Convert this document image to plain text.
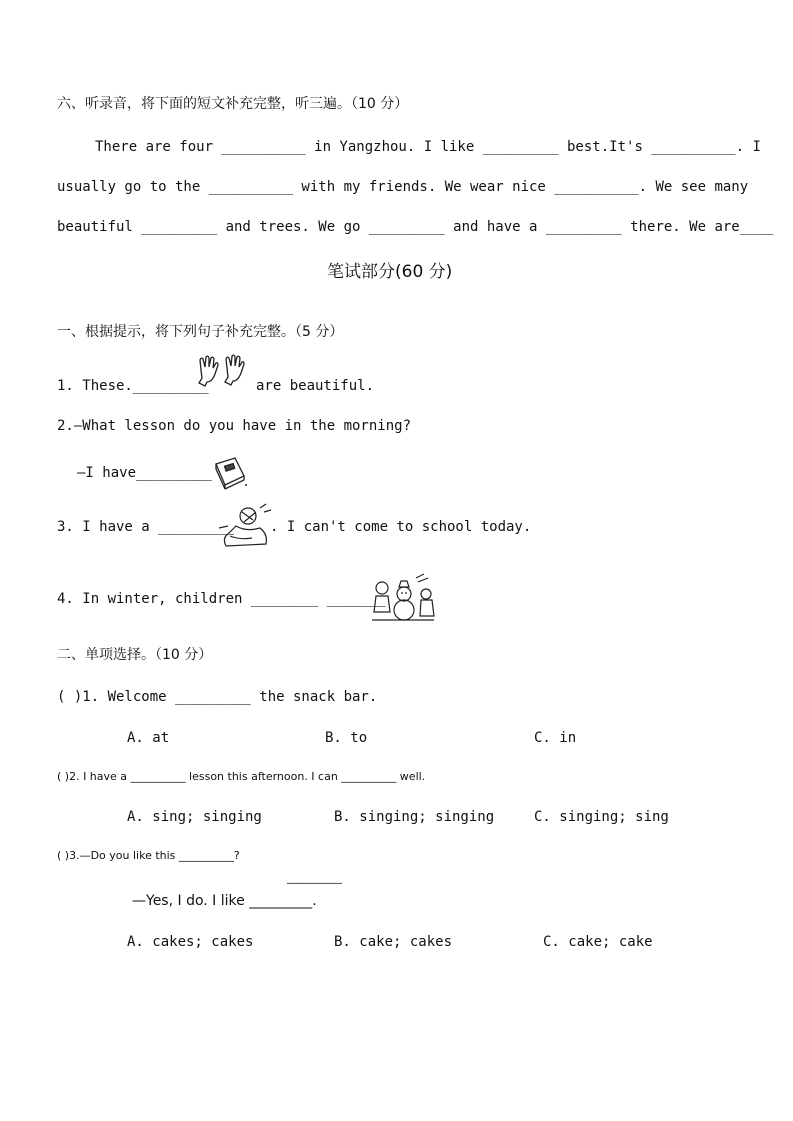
六、听录音，将下面的短文补充完整，听三遍。（10 分）
There are four __________ in Yangzhou. I like _________ best.It's __________. I
usually go to the __________ with my friends. We wear nice __________. We see many
beautiful _________ and trees. We go _________ and have a _________ there. We are____
笔试部分(60 分)
一、根据提示，将下列句子补充完整。（5 分）
1. These._________	are beautiful.
2.—What lesson do you have in the morning?
—I have_________
3. I have a _________	. I can't come to school today.
4. In winter, children ________ _______
二、单项选择。（10 分）
( )1. Welcome _________ the snack bar.
A. at	B. to	C. in
( )2. I have a __________ lesson this afternoon. I can __________ well.
A. sing; singing	B. singing; singing	C. singing; sing
( )3.—Do you like this __________?
__________
—Yes, I do. I like _________.
A. cakes; cakes	B. cake; cakes	C. cake; cake
